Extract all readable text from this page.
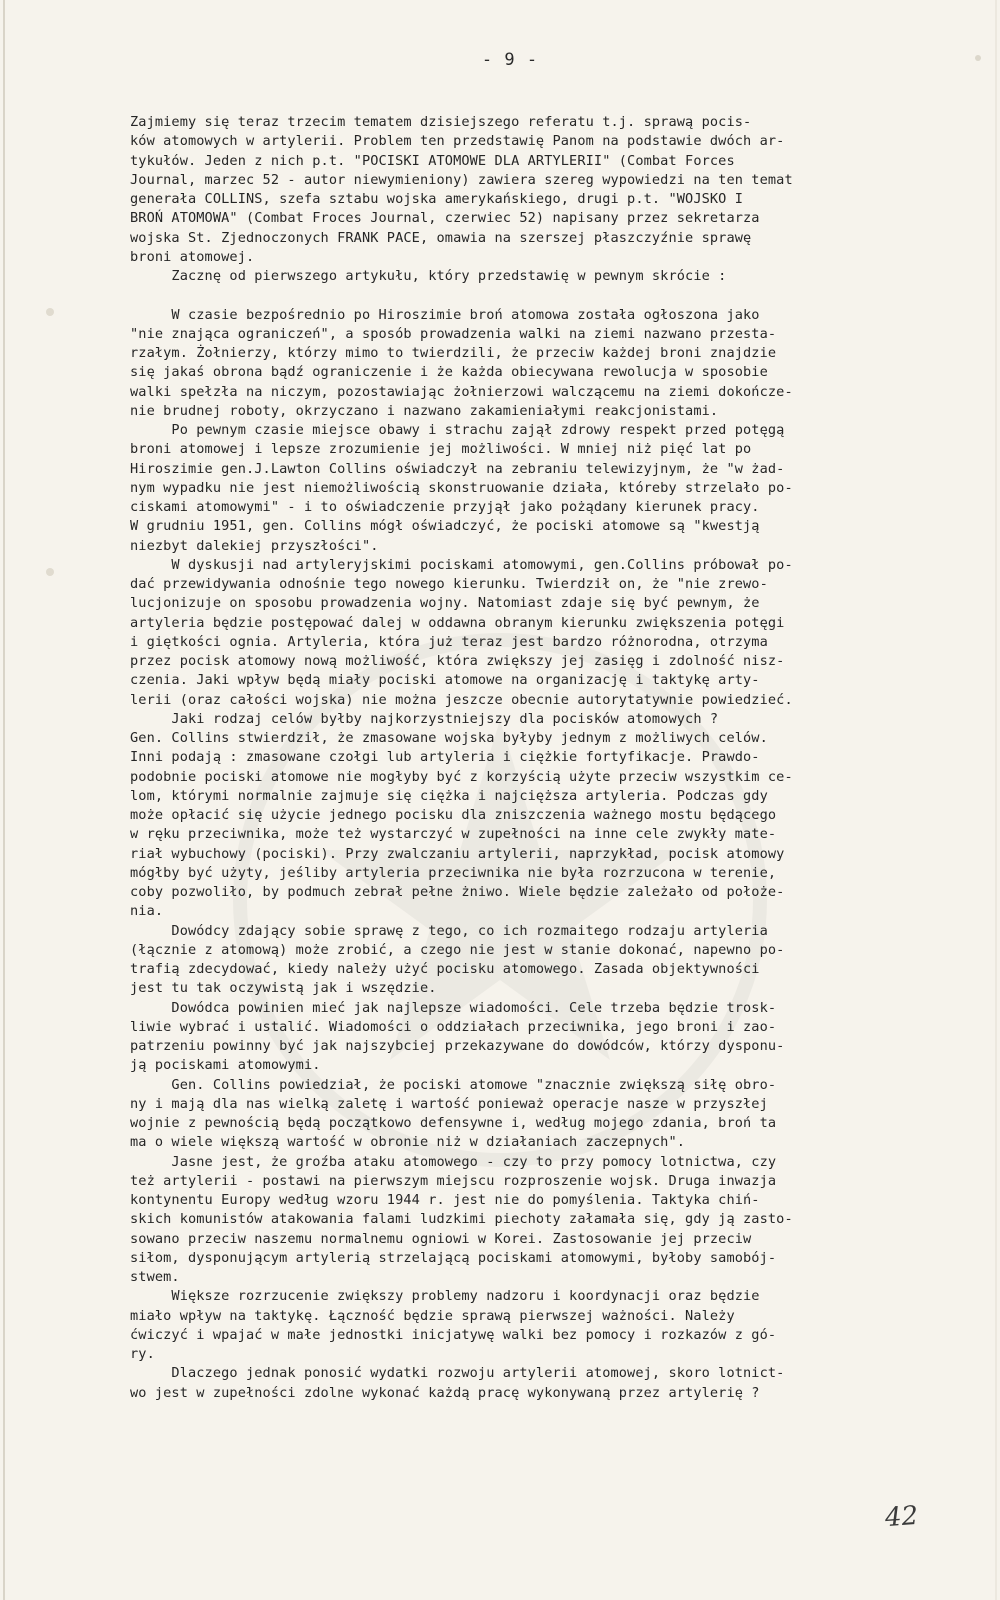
- 9 -
Zajmiemy się teraz trzecim tematem dzisiejszego referatu t.j. sprawą pocis-
ków atomowych w artylerii. Problem ten przedstawię Panom na podstawie dwóch ar-
tykułów. Jeden z nich p.t. "POCISKI ATOMOWE DLA ARTYLERII" (Combat Forces
Journal, marzec 52 - autor niewymieniony) zawiera szereg wypowiedzi na ten temat
generała COLLINS, szefa sztabu wojska amerykańskiego, drugi p.t. "WOJSKO I
BROŃ ATOMOWA" (Combat Froces Journal, czerwiec 52) napisany przez sekretarza
wojska St. Zjednoczonych FRANK PACE, omawia na szerszej płaszczyźnie sprawę
broni atomowej.
Zacznę od pierwszego artykułu, który przedstawię w pewnym skrócie :
W czasie bezpośrednio po Hiroszimie broń atomowa została ogłoszona jako
"nie znająca ograniczeń", a sposób prowadzenia walki na ziemi nazwano przesta-
rzałym. Żołnierzy, którzy mimo to twierdzili, że przeciw każdej broni znajdzie
się jakaś obrona bądź ograniczenie i że każda obiecywana rewolucja w sposobie
walki spełzła na niczym, pozostawiając żołnierzowi walczącemu na ziemi dokończe-
nie brudnej roboty, okrzyczano i nazwano zakamieniałymi reakcjonistami.
Po pewnym czasie miejsce obawy i strachu zajął zdrowy respekt przed potęgą
broni atomowej i lepsze zrozumienie jej możliwości. W mniej niż pięć lat po
Hiroszimie gen.J.Lawton Collins oświadczył na zebraniu telewizyjnym, że "w żad-
nym wypadku nie jest niemożliwością skonstruowanie działa, któreby strzelało po-
ciskami atomowymi" - i to oświadczenie przyjął jako pożądany kierunek pracy.
W grudniu 1951, gen. Collins mógł oświadczyć, że pociski atomowe są "kwestją
niezbyt dalekiej przyszłości".
W dyskusji nad artyleryjskimi pociskami atomowymi, gen.Collins próbował po-
dać przewidywania odnośnie tego nowego kierunku. Twierdził on, że "nie zrewo-
lucjonizuje on sposobu prowadzenia wojny. Natomiast zdaje się być pewnym, że
artyleria będzie postępować dalej w oddawna obranym kierunku zwiększenia potęgi
i giętkości ognia. Artyleria, która już teraz jest bardzo różnorodna, otrzyma
przez pocisk atomowy nową możliwość, która zwiększy jej zasięg i zdolność nisz-
czenia. Jaki wpływ będą miały pociski atomowe na organizację i taktykę arty-
lerii (oraz całości wojska) nie można jeszcze obecnie autorytatywnie powiedzieć.
Jaki rodzaj celów byłby najkorzystniejszy dla pocisków atomowych ?
Gen. Collins stwierdził, że zmasowane wojska byłyby jednym z możliwych celów.
Inni podają : zmasowane czołgi lub artyleria i ciężkie fortyfikacje. Prawdo-
podobnie pociski atomowe nie mogłyby być z korzyścią użyte przeciw wszystkim ce-
lom, którymi normalnie zajmuje się ciężka i najcięższa artyleria. Podczas gdy
może opłacić się użycie jednego pocisku dla zniszczenia ważnego mostu będącego
w ręku przeciwnika, może też wystarczyć w zupełności na inne cele zwykły mate-
riał wybuchowy (pociski). Przy zwalczaniu artylerii, naprzykład, pocisk atomowy
mógłby być użyty, jeśliby artyleria przeciwnika nie była rozrzucona w terenie,
coby pozwoliło, by podmuch zebrał pełne żniwo. Wiele będzie zależało od położe-
nia.
Dowódcy zdający sobie sprawę z tego, co ich rozmaitego rodzaju artyleria
(łącznie z atomową) może zrobić, a czego nie jest w stanie dokonać, napewno po-
trafią zdecydować, kiedy należy użyć pocisku atomowego. Zasada objektywności
jest tu tak oczywistą jak i wszędzie.
Dowódca powinien mieć jak najlepsze wiadomości. Cele trzeba będzie trosk-
liwie wybrać i ustalić. Wiadomości o oddziałach przeciwnika, jego broni i zao-
patrzeniu powinny być jak najszybciej przekazywane do dowódców, którzy dysponu-
ją pociskami atomowymi.
Gen. Collins powiedział, że pociski atomowe "znacznie zwiększą siłę obro-
ny i mają dla nas wielką zaletę i wartość ponieważ operacje nasze w przyszłej
wojnie z pewnością będą początkowo defensywne i, według mojego zdania, broń ta
ma o wiele większą wartość w obronie niż w działaniach zaczepnych".
Jasne jest, że groźba ataku atomowego - czy to przy pomocy lotnictwa, czy
też artylerii - postawi na pierwszym miejscu rozproszenie wojsk. Druga inwazja
kontynentu Europy według wzoru 1944 r. jest nie do pomyślenia. Taktyka chiń-
skich komunistów atakowania falami ludzkimi piechoty załamała się, gdy ją zasto-
sowano przeciw naszemu normalnemu ogniowi w Korei. Zastosowanie jej przeciw
siłom, dysponującym artylerią strzelającą pociskami atomowymi, byłoby samobój-
stwem.
Większe rozrzucenie zwiększy problemy nadzoru i koordynacji oraz będzie
miało wpływ na taktykę. Łączność będzie sprawą pierwszej ważności. Należy
ćwiczyć i wpajać w małe jednostki inicjatywę walki bez pomocy i rozkazów z gó-
ry.
Dlaczego jednak ponosić wydatki rozwoju artylerii atomowej, skoro lotnict-
wo jest w zupełności zdolne wykonać każdą pracę wykonywaną przez artylerię ?
42
